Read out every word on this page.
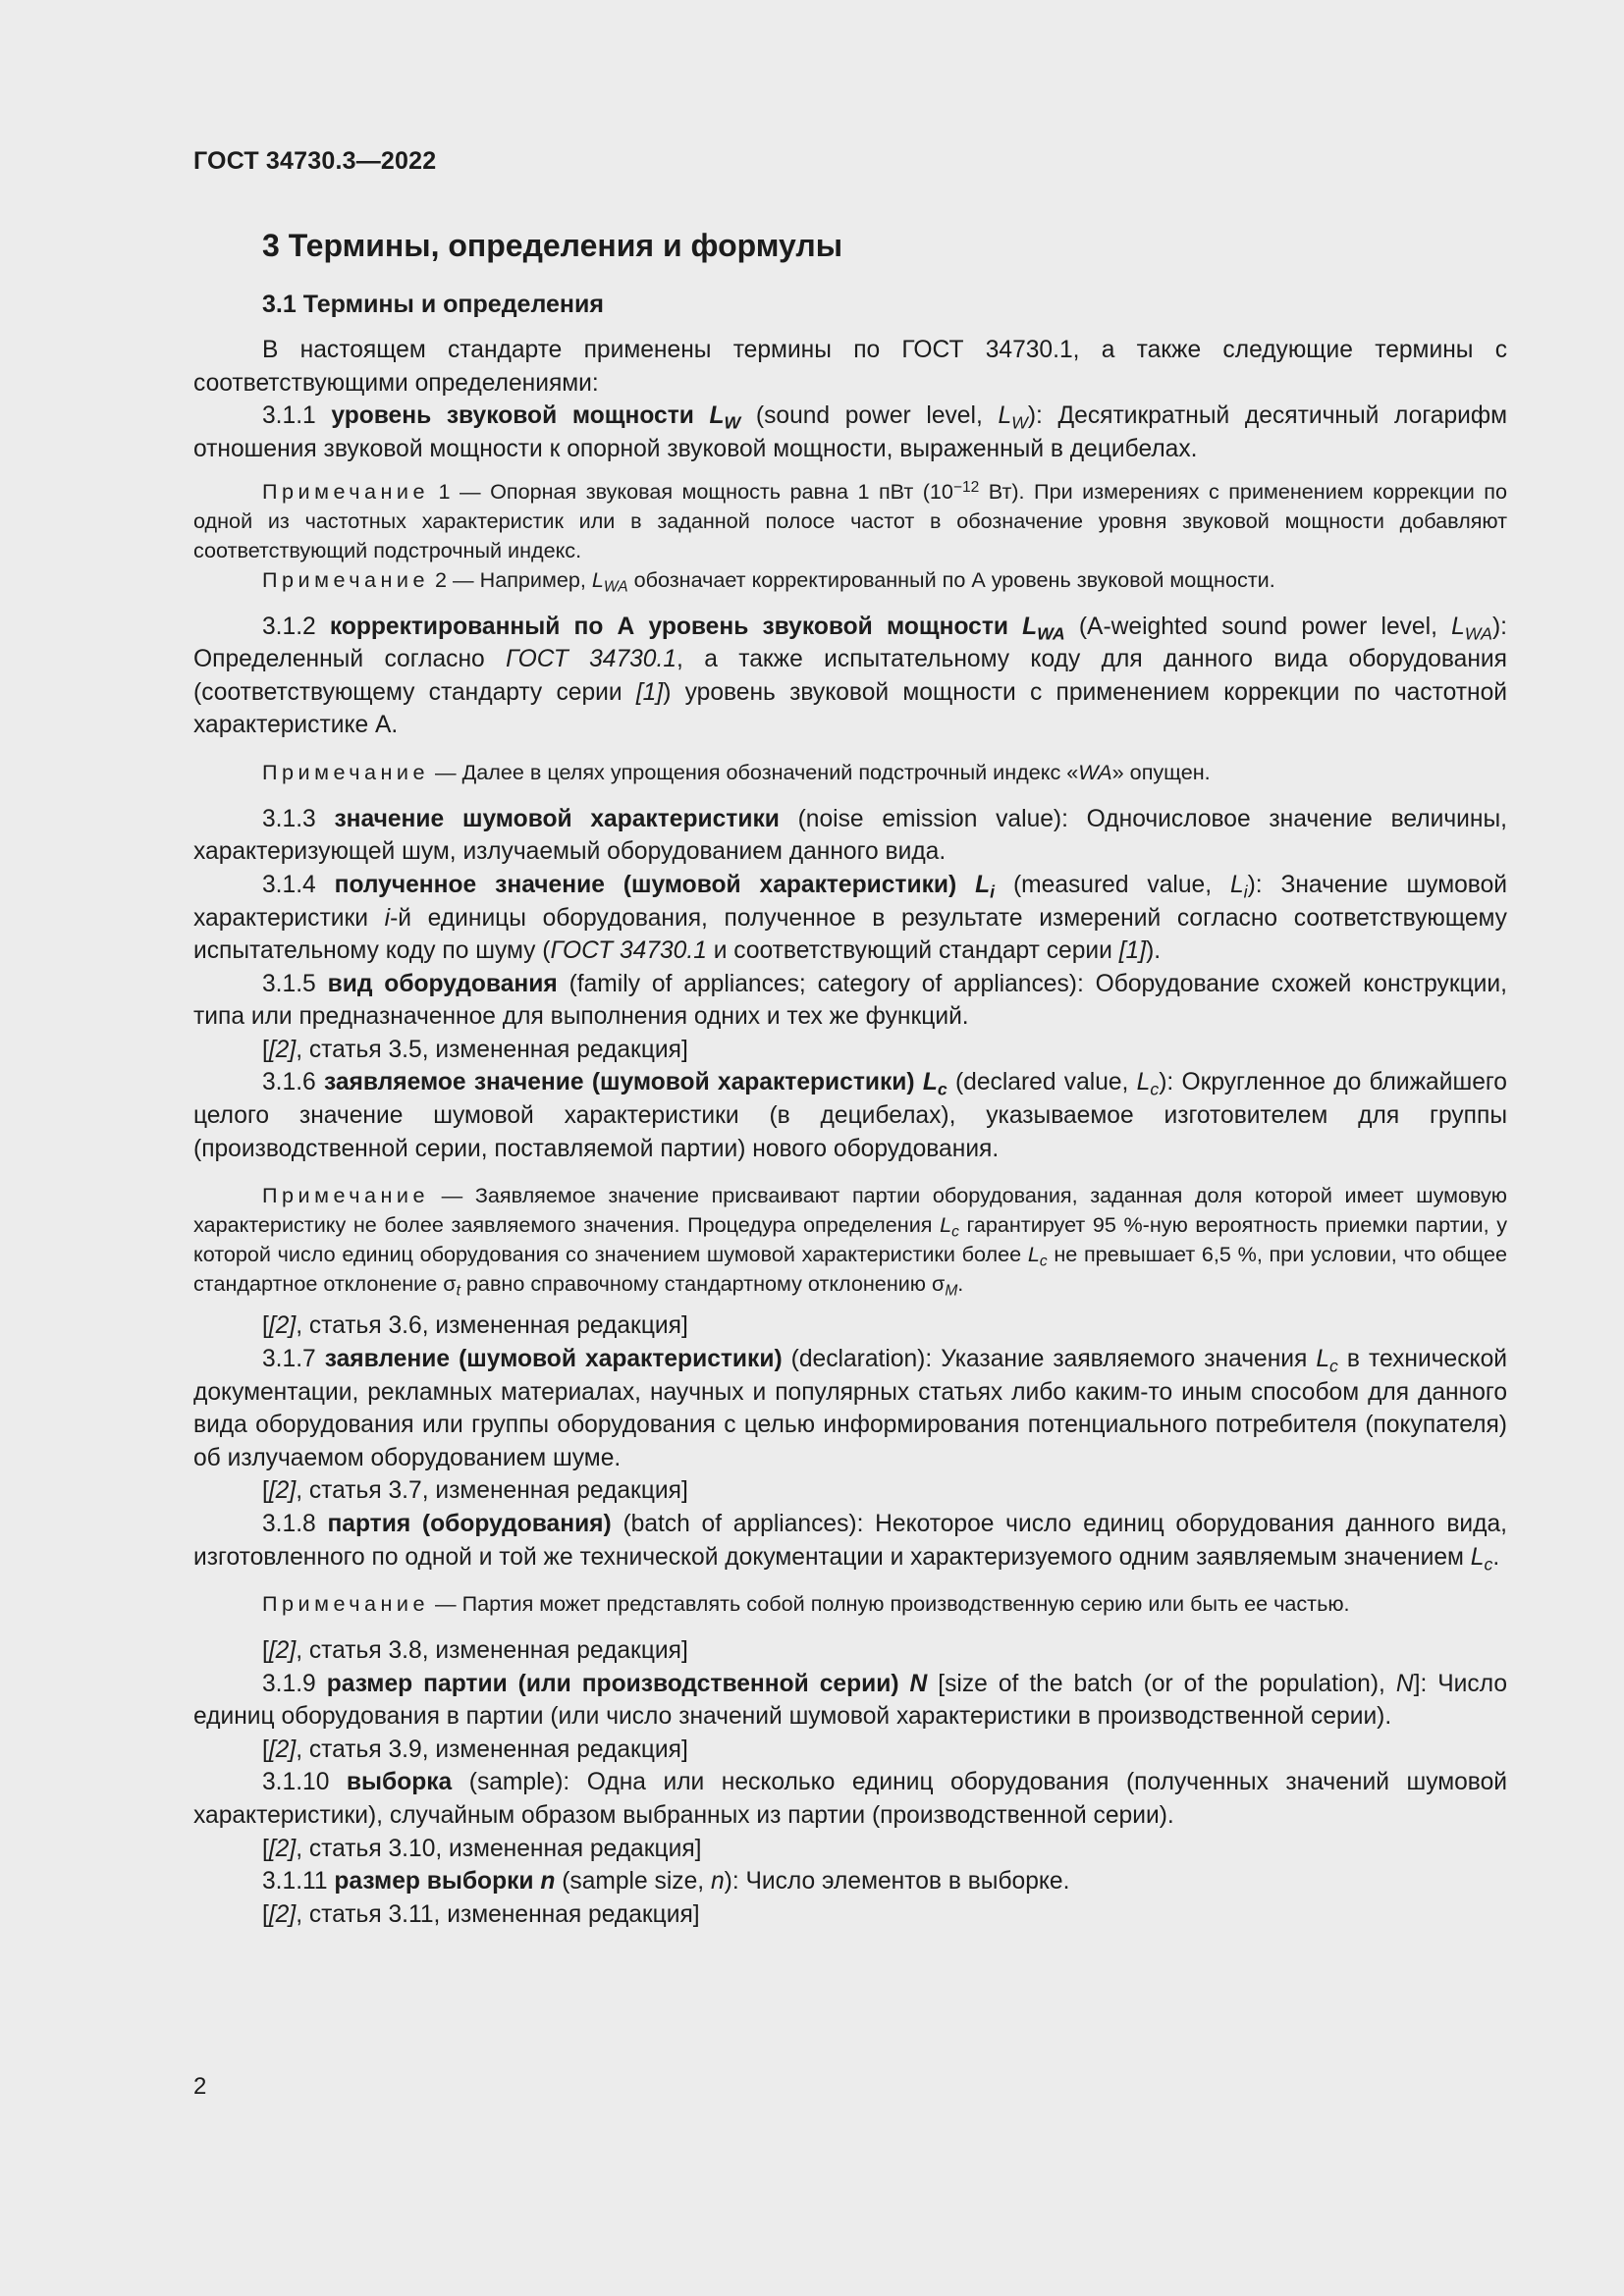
ГОСТ 34730.3—2022
3 Термины, определения и формулы
3.1 Термины и определения

В настоящем стандарте применены термины по ГОСТ 34730.1, а также следующие термины с соответствующими определениями:

3.1.1 уровень звуковой мощности $L_W$ (sound power level, $L_W$): Десятикратный десятичный логарифм отношения звуковой мощности к опорной звуковой мощности, выраженный в децибелах.

Примечание 1 — Опорная звуковая мощность равна 1 пВт ($10^{-12}$ Вт). При измерениях с применением коррекции по одной из частотных характеристик или в заданной полосе частот в обозначение уровня звуковой мощности добавляют соответствующий подстрочный индекс.

Примечание 2 — Например, $L_{WA}$ обозначает корректированный по А уровень звуковой мощности.

3.1.2 корректированный по А уровень звуковой мощности $L_{WA}$ (A-weighted sound power level, $L_{WA}$): Определенный согласно ГОСТ 34730.1, а также испытательному коду для данного вида оборудования (соответствующему стандарту серии [1]) уровень звуковой мощности с применением коррекции по частотной характеристике А.

Примечание — Далее в целях упрощения обозначений подстрочный индекс «WA» опущен.

3.1.3 значение шумовой характеристики (noise emission value): Одночисловое значение величины, характеризующей шум, излучаемый оборудованием данного вида.

3.1.4 полученное значение (шумовой характеристики) $L_i$ (measured value, $L_i$): Значение шумовой характеристики i-й единицы оборудования, полученное в результате измерений согласно соответствующему испытательному коду по шуму (ГОСТ 34730.1 и соответствующий стандарт серии [1]).

3.1.5 вид оборудования (family of appliances; category of appliances): Оборудование схожей конструкции, типа или предназначенное для выполнения одних и тех же функций.

[[2], статья 3.5, измененная редакция]

3.1.6 заявляемое значение (шумовой характеристики) $L_c$ (declared value, $L_c$): Округленное до ближайшего целого значение шумовой характеристики (в децибелах), указываемое изготовителем для группы (производственной серии, поставляемой партии) нового оборудования.

Примечание — Заявляемое значение присваивают партии оборудования, заданная доля которой имеет шумовую характеристику не более заявляемого значения. Процедура определения $L_c$ гарантирует 95 %-ную вероятность приемки партии, у которой число единиц оборудования со значением шумовой характеристики более $L_c$ не превышает 6,5 %, при условии, что общее стандартное отклонение $\sigma_t$ равно справочному стандартному отклонению $\sigma_M$.

[[2], статья 3.6, измененная редакция]

3.1.7 заявление (шумовой характеристики) (declaration): Указание заявляемого значения $L_c$ в технической документации, рекламных материалах, научных и популярных статьях либо каким-то иным способом для данного вида оборудования или группы оборудования с целью информирования потенциального потребителя (покупателя) об излучаемом оборудованием шуме.

[[2], статья 3.7, измененная редакция]

3.1.8 партия (оборудования) (batch of appliances): Некоторое число единиц оборудования данного вида, изготовленного по одной и той же технической документации и характеризуемого одним заявляемым значением $L_c$.

Примечание — Партия может представлять собой полную производственную серию или быть ее частью.

[[2], статья 3.8, измененная редакция]

3.1.9 размер партии (или производственной серии) N [size of the batch (or of the population), N]: Число единиц оборудования в партии (или число значений шумовой характеристики в производственной серии).

[[2], статья 3.9, измененная редакция]

3.1.10 выборка (sample): Одна или несколько единиц оборудования (полученных значений шумовой характеристики), случайным образом выбранных из партии (производственной серии).

[[2], статья 3.10, измененная редакция]

3.1.11 размер выборки n (sample size, n): Число элементов в выборке.

[[2], статья 3.11, измененная редакция]

2
